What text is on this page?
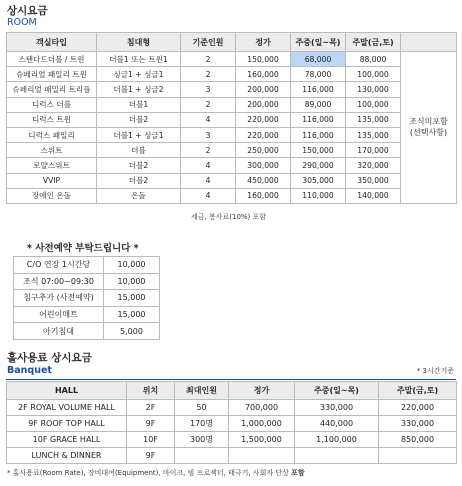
상시요금
ROOM
객실타입	침대형	기준인원	정가	주중(일~목)	주말(금,토)	
스탠다드더블 / 트윈	더블1 또는 트윈1	2	150,000	68,000	88,000	조식미포함
(선택사항)

슈페리얼 패밀리 트윈	싱글1 + 싱글1	2	160,000	78,000	100,000	
슈페리얼 패밀리 트리플	더블1 + 싱글2	3	200,000	116,000	130,000	
디럭스 더블	더블1	2	200,000	89,000	100,000	
디럭스 트윈	더블2	4	220,000	116,000	135,000	
디럭스 패밀리	더블1 + 싱글1	3	220,000	116,000	135,000	
스위트	더블	2	250,000	150,000	170,000	
로얄스위트	더블2	4	300,000	290,000	320,000	
VVIP	더블2	4	450,000	305,000	350,000	
장애인 온돌	온돌	4	160,000	110,000	140,000	
세금, 봉사료(10%) 포함
* 사전예약 부탁드립니다 *
C/O 연장 1시간당	10,000
조식 07:00~09:30	10,000
침구추가 (사전예약)	15,000
어린이매트	15,000
아기침대	5,000
홀사용료 상시요금
Banquet	* 3시간기준
HALL	위치	최대인원	정가	주중(일~목)	주말(금,토)
2F ROYAL VOLUME HALL	2F	50	700,000	330,000	220,000
9F ROOF TOP HALL	9F	170명	1,000,000	440,000	330,000
10F GRACE HALL	10F	300명	1,500,000	1,100,000	850,000
LUNCH & DINNER	9F				
* 홀사용료(Room Rate), 장비대여(Equipment), 마이크, 빔 프로젝터, 태극기, 사회자 단상 포함
